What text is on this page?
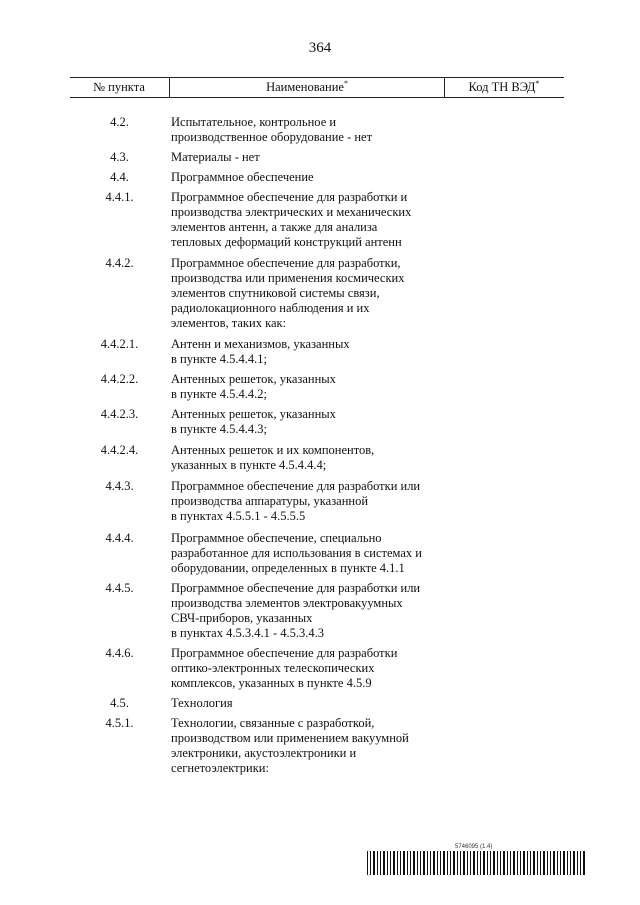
364
№ пункта	Наименование*	Код ТН ВЭД*
4.2.	Испытательное, контрольное и
производственное оборудование - нет
4.3.	Материалы - нет
4.4.	Программное обеспечение
4.4.1.	Программное обеспечение для разработки и
производства электрических и механических
элементов антенн, а также для анализа
тепловых деформаций конструкций антенн
4.4.2.	Программное обеспечение для разработки,
производства или применения космических
элементов спутниковой системы связи,
радиолокационного наблюдения и их
элементов, таких как:
4.4.2.1.	Антенн и механизмов, указанных
в пункте 4.5.4.4.1;
4.4.2.2.	Антенных решеток, указанных
в пункте 4.5.4.4.2;
4.4.2.3.	Антенных решеток, указанных
в пункте 4.5.4.4.3;
4.4.2.4.	Антенных решеток и их компонентов,
указанных в пункте 4.5.4.4.4;
4.4.3.	Программное обеспечение для разработки или
производства аппаратуры, указанной
в пунктах 4.5.5.1 - 4.5.5.5
4.4.4.	Программное обеспечение, специально
разработанное для использования в системах и
оборудовании, определенных в пункте 4.1.1
4.4.5.	Программное обеспечение для разработки или
производства элементов электровакуумных
СВЧ-приборов, указанных
в пунктах 4.5.3.4.1 - 4.5.3.4.3
4.4.6.	Программное обеспечение для разработки
оптико-электронных телескопических
комплексов, указанных в пункте 4.5.9
4.5.	Технология
4.5.1.	Технологии, связанные с разработкой,
производством или применением вакуумной
электроники, акустоэлектроники и
сегнетоэлектрики:
5746095 (1.4)
